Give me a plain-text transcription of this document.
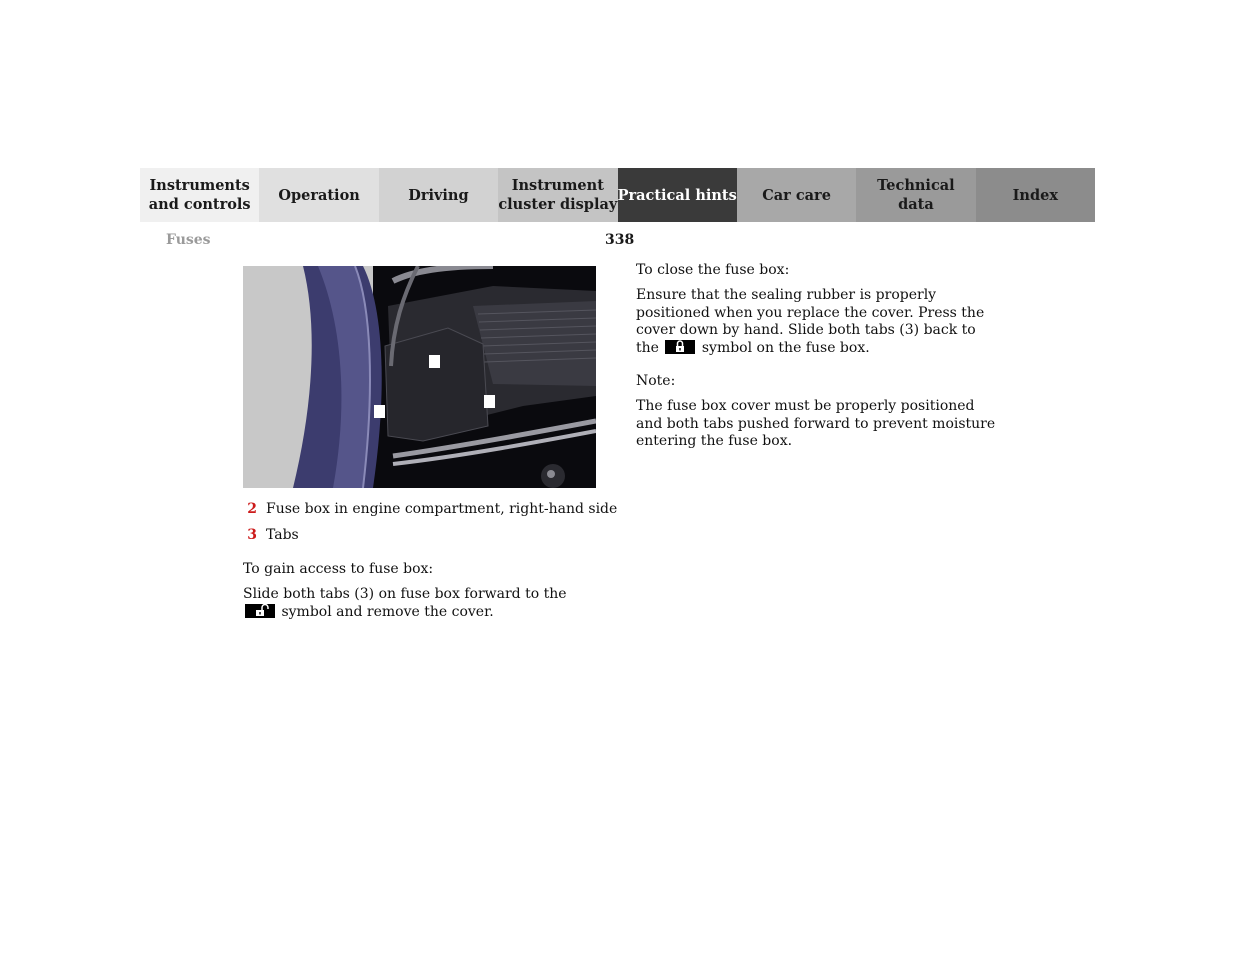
Instruments
and controls
Operation	Driving
Instrument
cluster display
Practical hints Car care
Technical
data
Index
Fuses	338
2 Fuse box in engine compartment, right-hand side
3 Tabs

To gain access to fuse box:

Slide both tabs (3) on fuse box forward to the
symbol and remove the cover.

To close the fuse box:

Ensure that the sealing rubber is properly positioned when you replace the cover. Press the cover down by hand. Slide both tabs (3) back to the	symbol on the fuse box.

Note:

The fuse box cover must be properly positioned and both tabs pushed forward to prevent moisture entering the fuse box.
